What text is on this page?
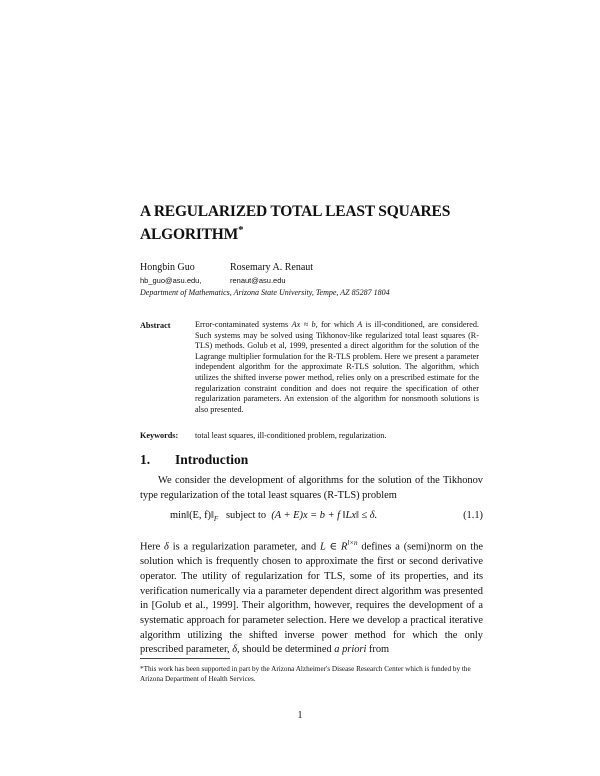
A REGULARIZED TOTAL LEAST SQUARES ALGORITHM*
Hongbin Guo	Rosemary A. Renaut
hb_guo@asu.edu,	renaut@asu.edu
Department of Mathematics, Arizona State University, Tempe, AZ 85287 1804
Abstract	Error-contaminated systems Ax ≈ b, for which A is ill-conditioned, are considered. Such systems may be solved using Tikhonov-like regularized total least squares (R-TLS) methods. Golub et al, 1999, presented a direct algorithm for the solution of the Lagrange multiplier formulation for the R-TLS problem. Here we present a parameter independent algorithm for the approximate R-TLS solution. The algorithm, which utilizes the shifted inverse power method, relies only on a prescribed estimate for the regularization constraint condition and does not require the specification of other regularization parameters. An extension of the algorithm for nonsmooth solutions is also presented.
Keywords: total least squares, ill-conditioned problem, regularization.
1. Introduction
We consider the development of algorithms for the solution of the Tikhonov type regularization of the total least squares (R-TLS) problem
min‖(E, $f)‖_F$ subject to (A + E)x = b + f ‖Lx‖ ≤ δ.	(1.1)
Here δ is a regularization parameter, and L ∈ $R^{l\times n}$ defines a (semi)norm on the solution which is frequently chosen to approximate the first or second derivative operator. The utility of regularization for TLS, some of its properties, and its verification numerically via a parameter dependent direct algorithm was presented in [Golub et al., 1999]. Their algorithm, however, requires the development of a systematic approach for parameter selection. Here we develop a practical iterative algorithm utilizing the shifted inverse power method for which the only prescribed parameter, δ, should be determined a priori from
*This work has been supported in part by the Arizona Alzheimer's Disease Research Center which is funded by the Arizona Department of Health Services.
1
